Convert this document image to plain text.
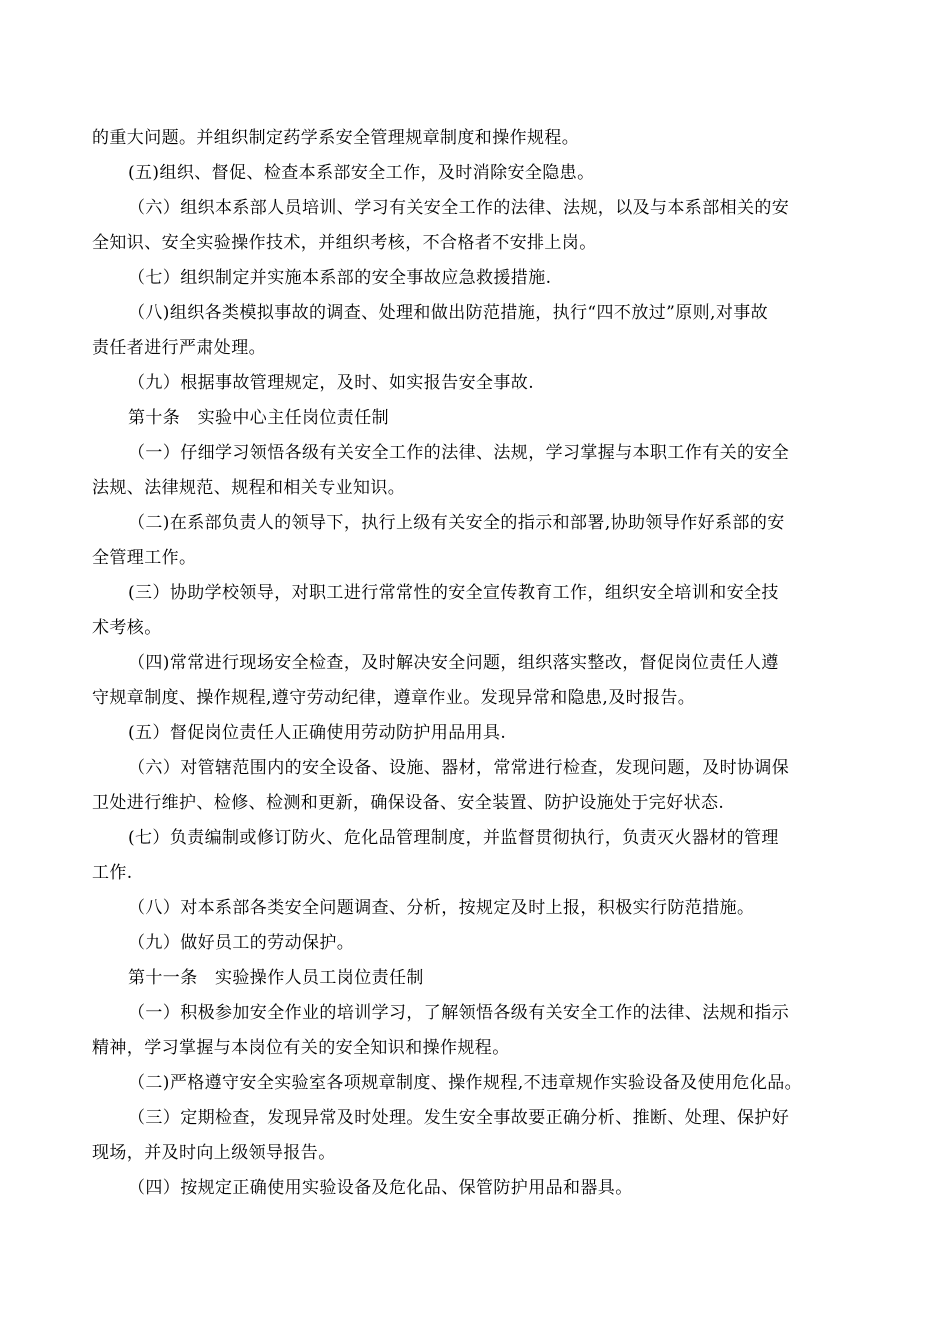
的重大问题。并组织制定药学系安全管理规章制度和操作规程。
(五)组织、督促、检查本系部安全工作，及时消除安全隐患。
（六）组织本系部人员培训、学习有关安全工作的法律、法规，以及与本系部相关的安
全知识、安全实验操作技术，并组织考核，不合格者不安排上岗。
（七）组织制定并实施本系部的安全事故应急救援措施.
（八)组织各类模拟事故的调查、处理和做出防范措施，执行“四不放过”原则,对事故
责任者进行严肃处理。
（九）根据事故管理规定，及时、如实报告安全事故.
第十条　实验中心主任岗位责任制
（一）仔细学习领悟各级有关安全工作的法律、法规，学习掌握与本职工作有关的安全
法规、法律规范、规程和相关专业知识。
（二)在系部负责人的领导下，执行上级有关安全的指示和部署,协助领导作好系部的安
全管理工作。
(三）协助学校领导，对职工进行常常性的安全宣传教育工作，组织安全培训和安全技
术考核。
（四)常常进行现场安全检查，及时解决安全问题，组织落实整改，督促岗位责任人遵
守规章制度、操作规程,遵守劳动纪律，遵章作业。发现异常和隐患,及时报告。
(五）督促岗位责任人正确使用劳动防护用品用具.
（六）对管辖范围内的安全设备、设施、器材，常常进行检查，发现问题，及时协调保
卫处进行维护、检修、检测和更新，确保设备、安全装置、防护设施处于完好状态.
(七）负责编制或修订防火、危化品管理制度，并监督贯彻执行，负责灭火器材的管理
工作.
（八）对本系部各类安全问题调查、分析，按规定及时上报，积极实行防范措施。
（九）做好员工的劳动保护。
第十一条　实验操作人员工岗位责任制
（一）积极参加安全作业的培训学习，了解领悟各级有关安全工作的法律、法规和指示
精神，学习掌握与本岗位有关的安全知识和操作规程。
（二)严格遵守安全实验室各项规章制度、操作规程,不违章规作实验设备及使用危化品。
（三）定期检查，发现异常及时处理。发生安全事故要正确分析、推断、处理、保护好
现场，并及时向上级领导报告。
（四）按规定正确使用实验设备及危化品、保管防护用品和器具。
